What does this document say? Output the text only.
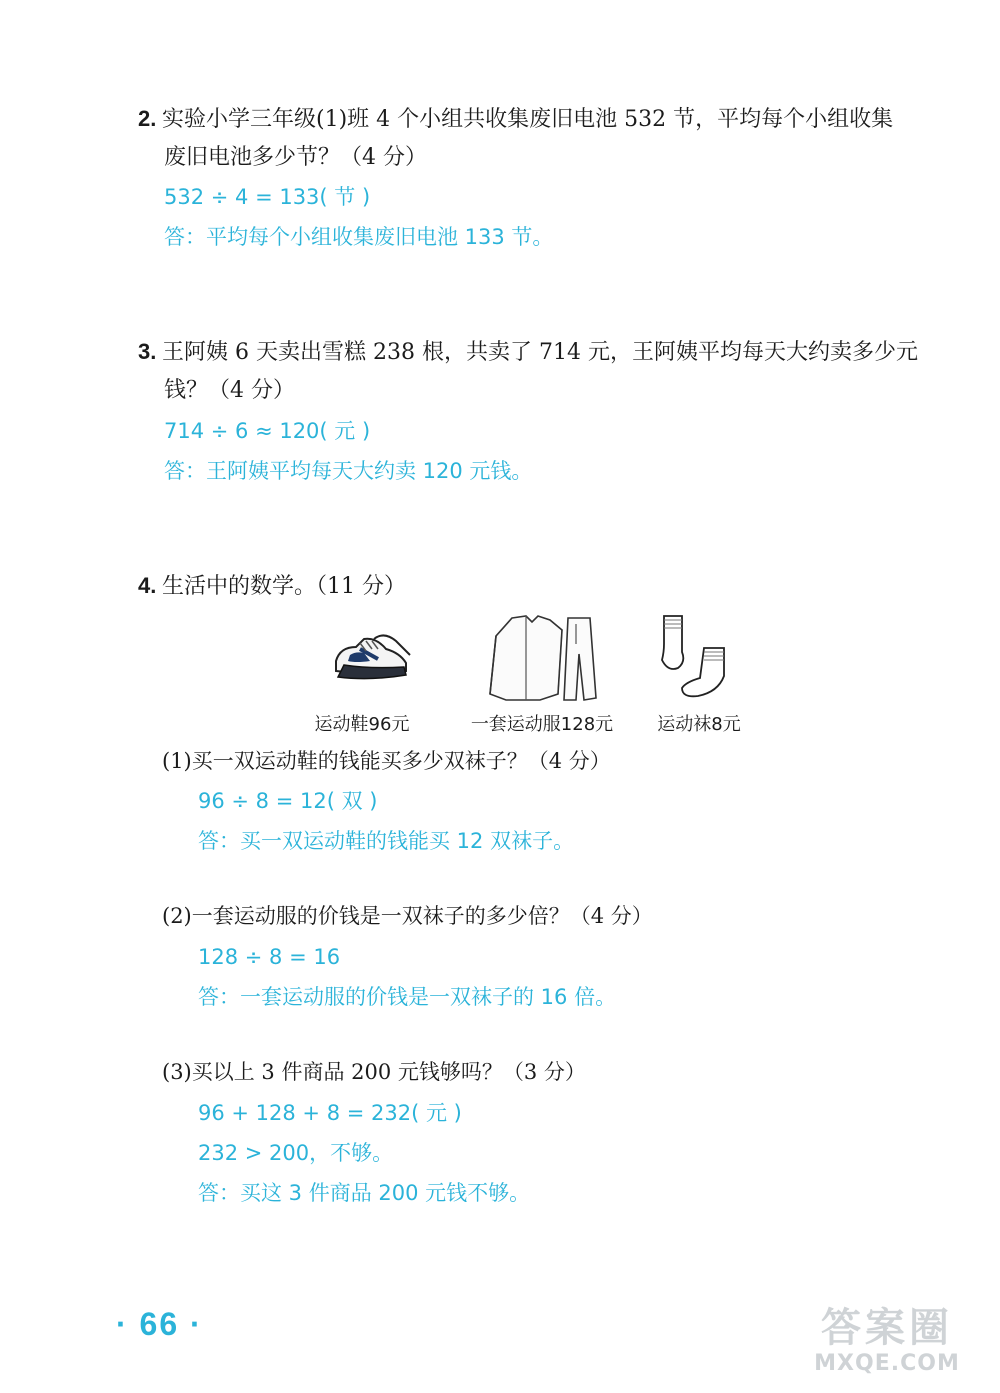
2. 实验小学三年级(1)班 4 个小组共收集废旧电池 532 节，平均每个小组收集
废旧电池多少节？（4 分）
532 ÷ 4 = 133( 节 )
答：平均每个小组收集废旧电池 133 节。
3. 王阿姨 6 天卖出雪糕 238 根，共卖了 714 元，王阿姨平均每天大约卖多少元
钱？（4 分）
714 ÷ 6 ≈ 120( 元 )
答：王阿姨平均每天大约卖 120 元钱。
4. 生活中的数学。（11 分）
运动鞋96元	一套运动服128元	运动袜8元
(1)买一双运动鞋的钱能买多少双袜子？（4 分）
96 ÷ 8 = 12( 双 )
答：买一双运动鞋的钱能买 12 双袜子。
(2)一套运动服的价钱是一双袜子的多少倍？（4 分）
128 ÷ 8 = 16
答：一套运动服的价钱是一双袜子的 16 倍。
(3)买以上 3 件商品 200 元钱够吗？（3 分）
96 + 128 + 8 = 232( 元 )
232 > 200，不够。
答：买这 3 件商品 200 元钱不够。
· 66 ·	答案圈
MXQE.COM
